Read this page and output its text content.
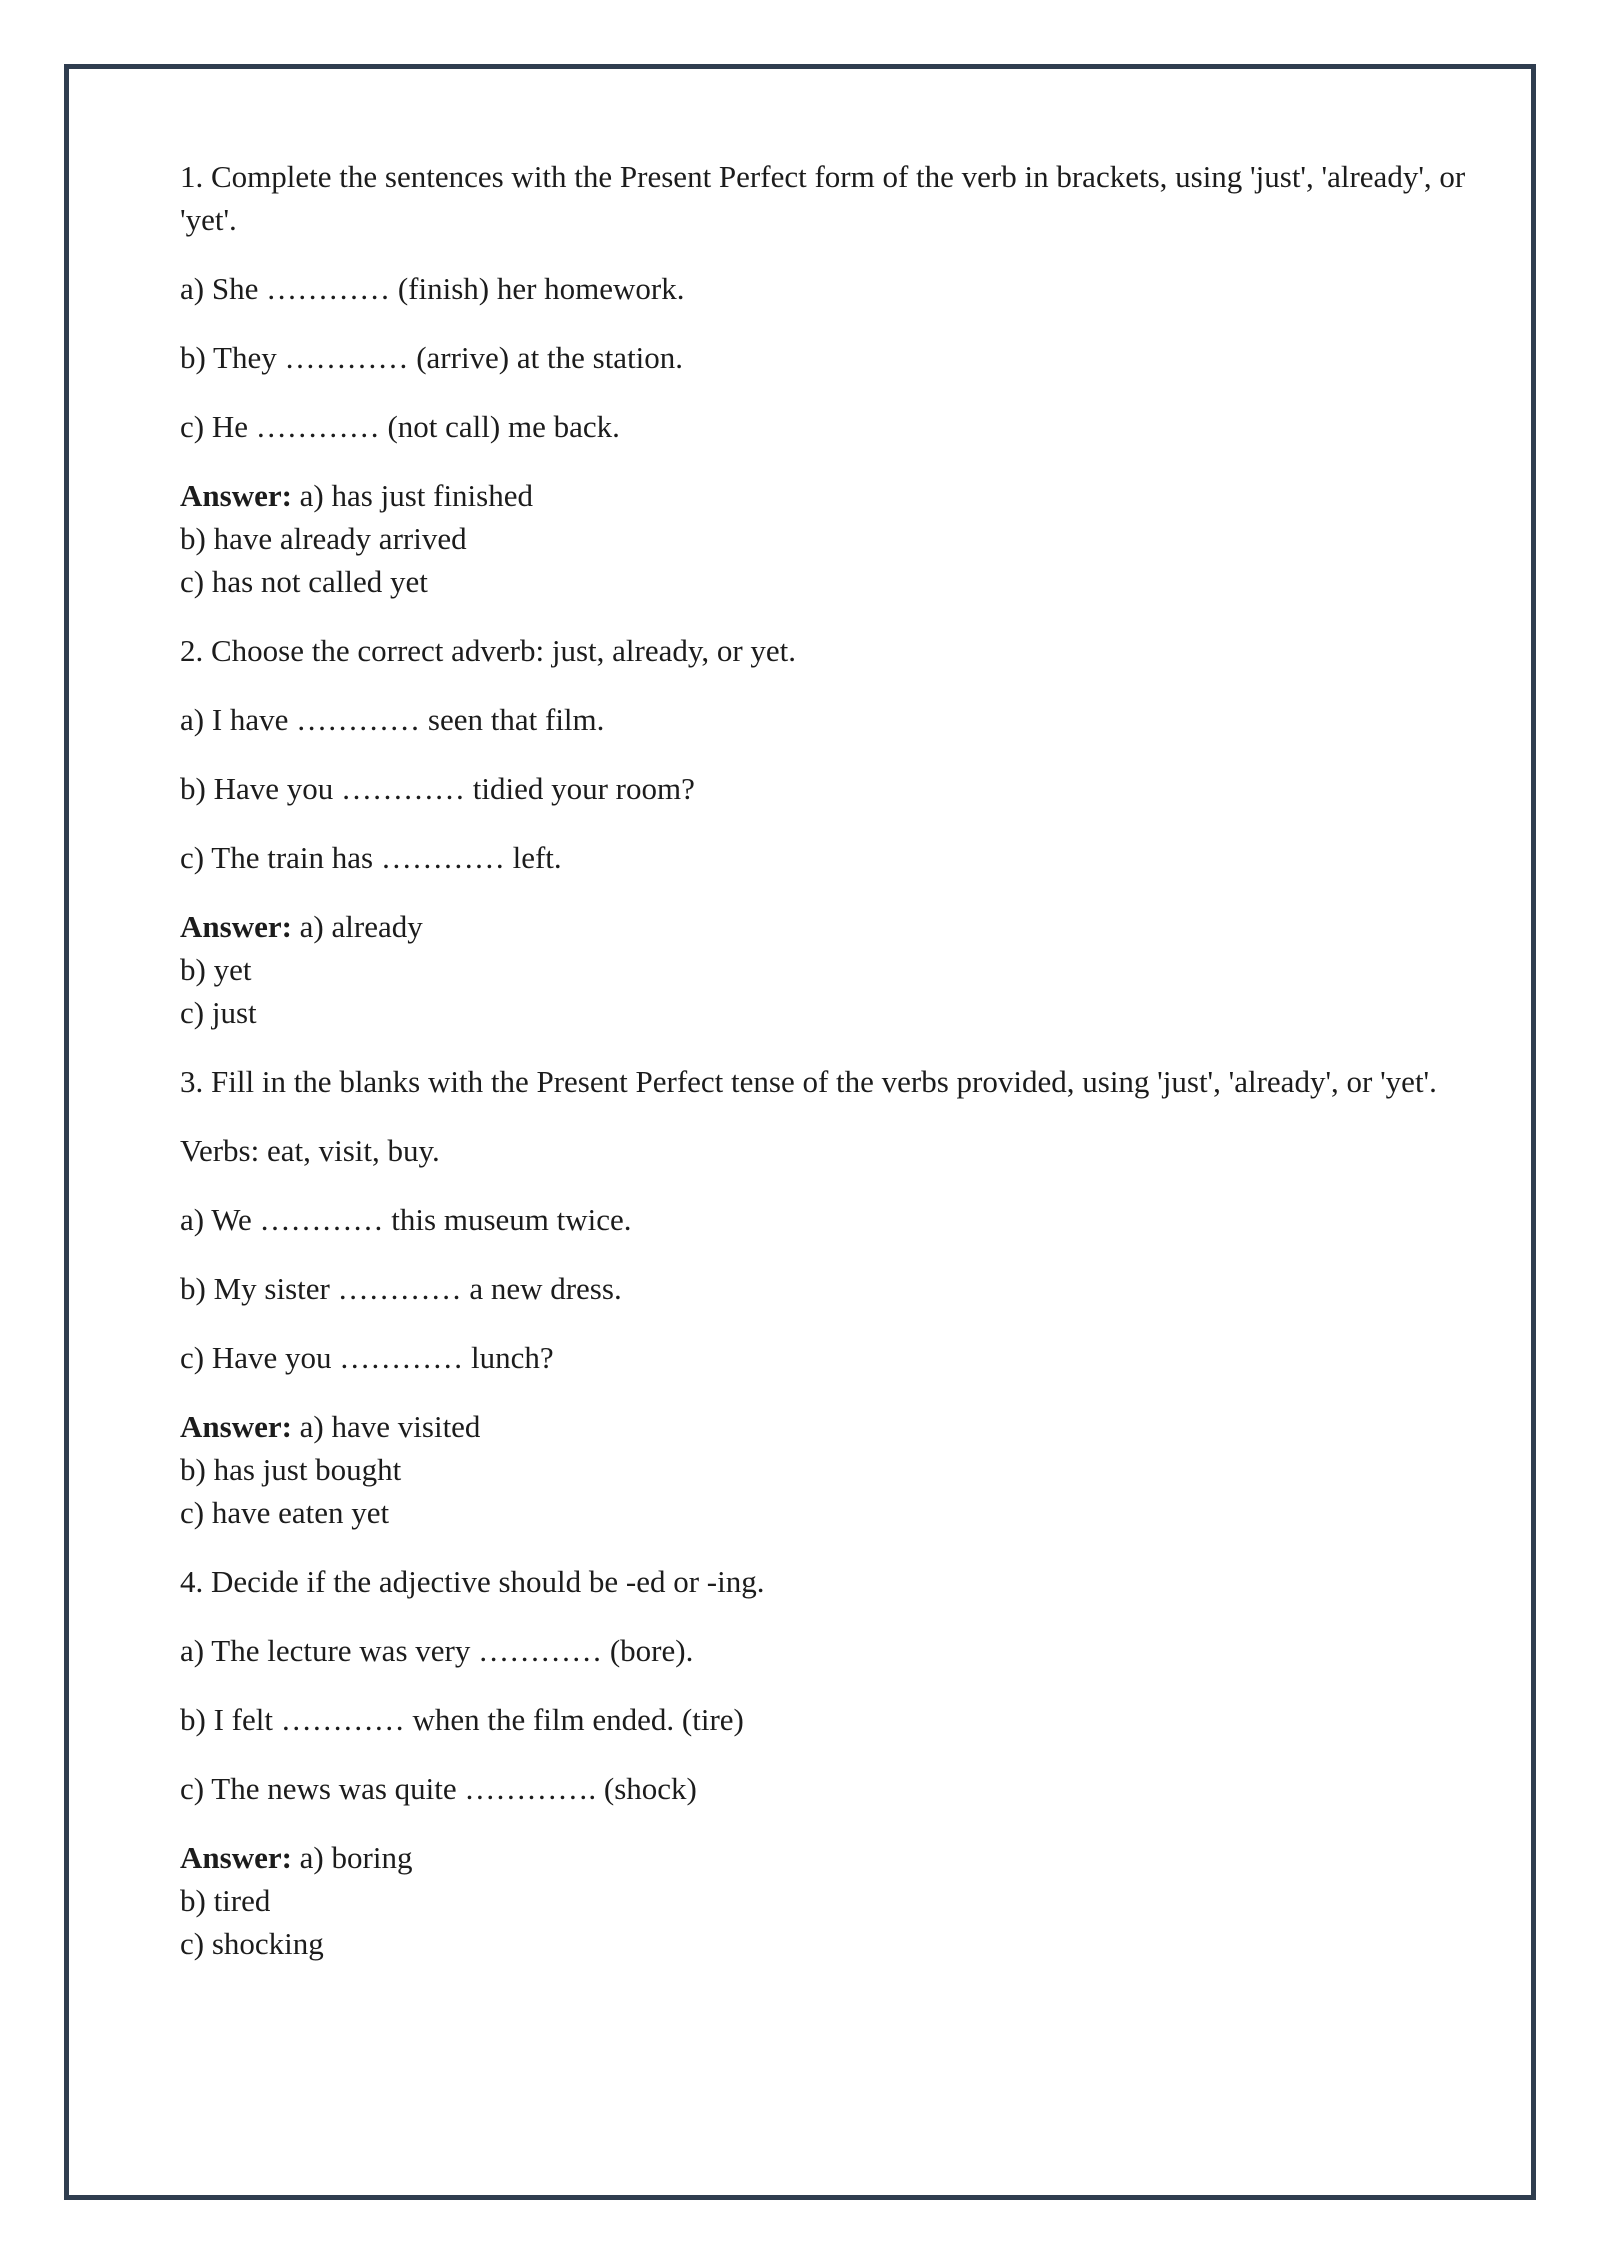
1. Complete the sentences with the Present Perfect form of the verb in brackets, using 'just', 'already', or 'yet'.

a) She ………… (finish) her homework.

b) They ………… (arrive) at the station.

c) He ………… (not call) me back.

Answer: a) has just finished
b) have already arrived
c) has not called yet

2. Choose the correct adverb: just, already, or yet.

a) I have ………… seen that film.

b) Have you ………… tidied your room?

c) The train has ………… left.

Answer: a) already
b) yet
c) just

3. Fill in the blanks with the Present Perfect tense of the verbs provided, using 'just', 'already', or 'yet'.

Verbs: eat, visit, buy.

a) We ………… this museum twice.

b) My sister ………… a new dress.

c) Have you ………… lunch?

Answer: a) have visited
b) has just bought
c) have eaten yet

4. Decide if the adjective should be -ed or -ing.

a) The lecture was very ………… (bore).

b) I felt ………… when the film ended. (tire)

c) The news was quite …………. (shock)

Answer: a) boring
b) tired
c) shocking
